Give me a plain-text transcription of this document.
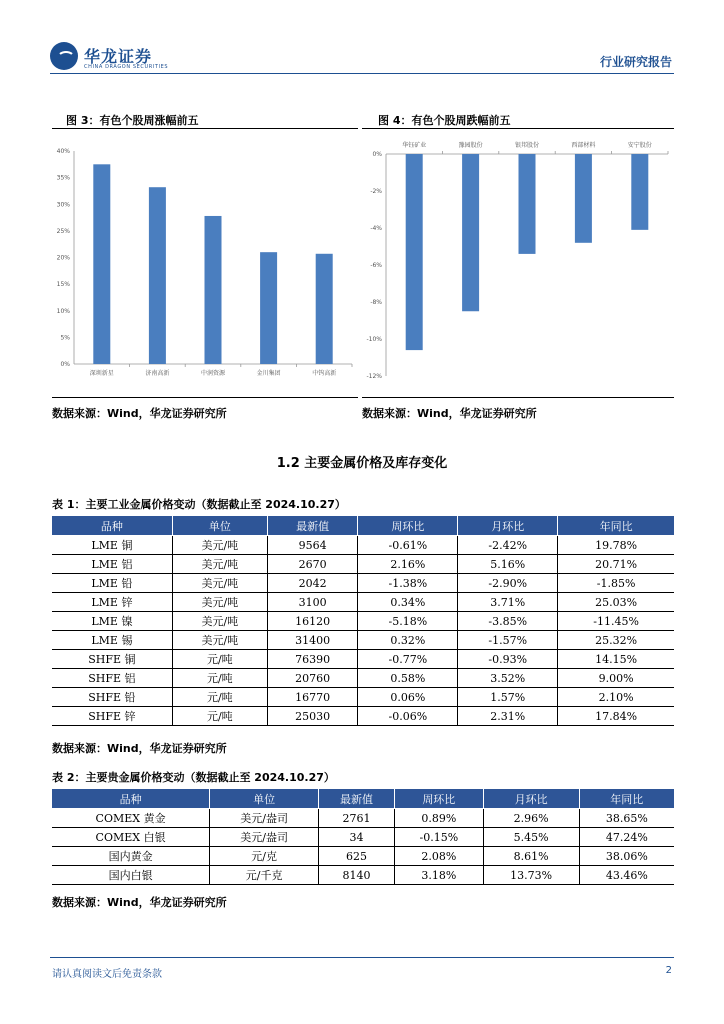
华龙证券
CHINA DRAGON SECURITIES	行业研究报告
图 3：有色个股周涨幅前五
0%
5%
10%
15%
20%
25%
30%
35%
40%
深圳新星	济南高新	中润资源	金川集团	中钨高新
数据来源：Wind，华龙证券研究所
图 4：有色个股周跌幅前五
0%
-2%
-4%
-6%
-8%
-10%
-12%
华钰矿业	豫园股份	银邦股份	西部材料	安宁股份
数据来源：Wind，华龙证券研究所
1.2 主要金属价格及库存变化
表 1：主要工业金属价格变动（数据截止至 2024.10.27）
品种	单位	最新值	周环比	月环比	年同比
LME 铜	美元/吨	9564	-0.61%	-2.42%	19.78%
LME 铝	美元/吨	2670	2.16%	5.16%	20.71%
LME 铅	美元/吨	2042	-1.38%	-2.90%	-1.85%
LME 锌	美元/吨	3100	0.34%	3.71%	25.03%
LME 镍	美元/吨	16120	-5.18%	-3.85%	-11.45%
LME 锡	美元/吨	31400	0.32%	-1.57%	25.32%
SHFE 铜	元/吨	76390	-0.77%	-0.93%	14.15%
SHFE 铝	元/吨	20760	0.58%	3.52%	9.00%
SHFE 铅	元/吨	16770	0.06%	1.57%	2.10%
SHFE 锌	元/吨	25030	-0.06%	2.31%	17.84%
数据来源：Wind，华龙证券研究所
表 2：主要贵金属价格变动（数据截止至 2024.10.27）
品种	单位	最新值	周环比	月环比	年同比
COMEX 黄金	美元/盎司	2761	0.89%	2.96%	38.65%
COMEX 白银	美元/盎司	34	-0.15%	5.45%	47.24%
国内黄金	元/克	625	2.08%	8.61%	38.06%
国内白银	元/千克	8140	3.18%	13.73%	43.46%
数据来源：Wind，华龙证券研究所
请认真阅读文后免责条款	2
